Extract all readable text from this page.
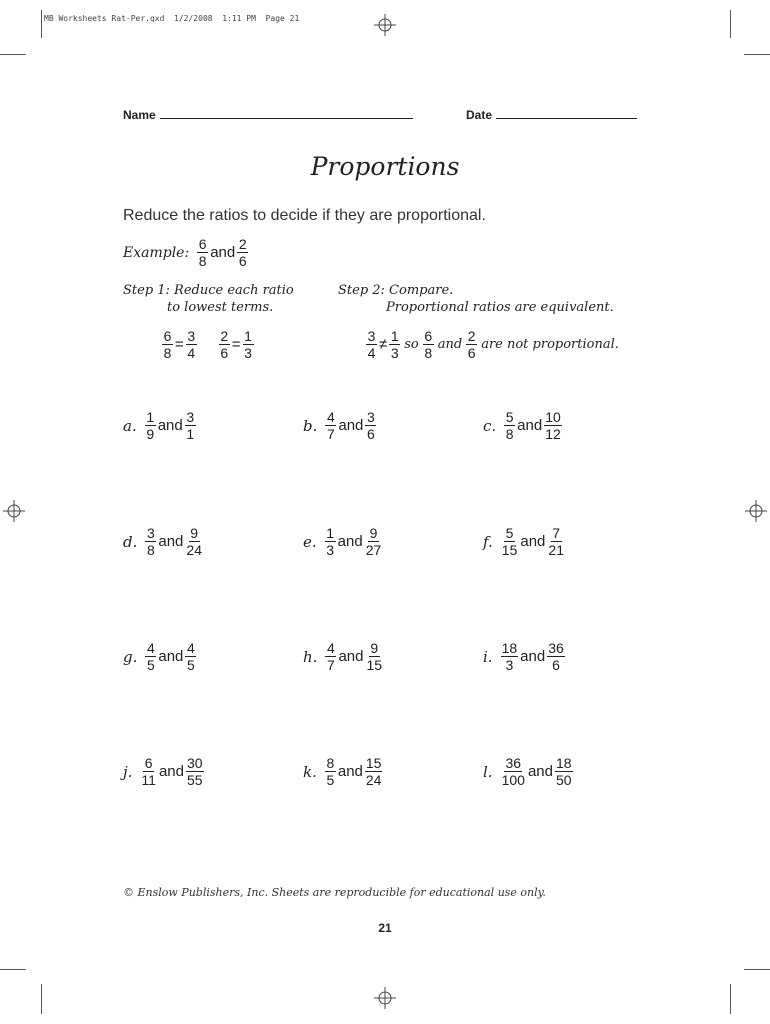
MB Worksheets Rat-Per.qxd  1/2/2008  1:11 PM  Page 21
Name	Date
Proportions
Reduce the ratios to decide if they are proportional.
Example: $\frac{6}{8}$ and $\frac{2}{6}$
Step 1: Reduce each ratio
to lowest terms.
$\frac{6}{8} = \frac{3}{4} \frac{2}{6} = \frac{1}{3}$
Step 2: Compare.
Proportional ratios are equivalent.
$\frac{3}{4} \ne \frac{1}{3}$ so $\frac{6}{8}$ and $\frac{2}{6}$ are not proportional.
a. $\frac{1}{9}$ and $\frac{3}{1}$	b. $\frac{4}{7}$ and $\frac{3}{6}$	c. $\frac{5}{8}$ and $\frac{10}{12}$
d. $\frac{3}{8}$ and $\frac{9}{24}$	e. $\frac{1}{3}$ and $\frac{9}{27}$	f. $\frac{5}{15}$ and $\frac{7}{21}$
g. $\frac{4}{5}$ and $\frac{4}{5}$	h. $\frac{4}{7}$ and $\frac{9}{15}$	i. $\frac{18}{3}$ and $\frac{36}{6}$
j. $\frac{6}{11}$ and $\frac{30}{55}$	k. $\frac{8}{5}$ and $\frac{15}{24}$	l. $\frac{36}{100}$ and $\frac{18}{50}$
© Enslow Publishers, Inc. Sheets are reproducible for educational use only.
21
